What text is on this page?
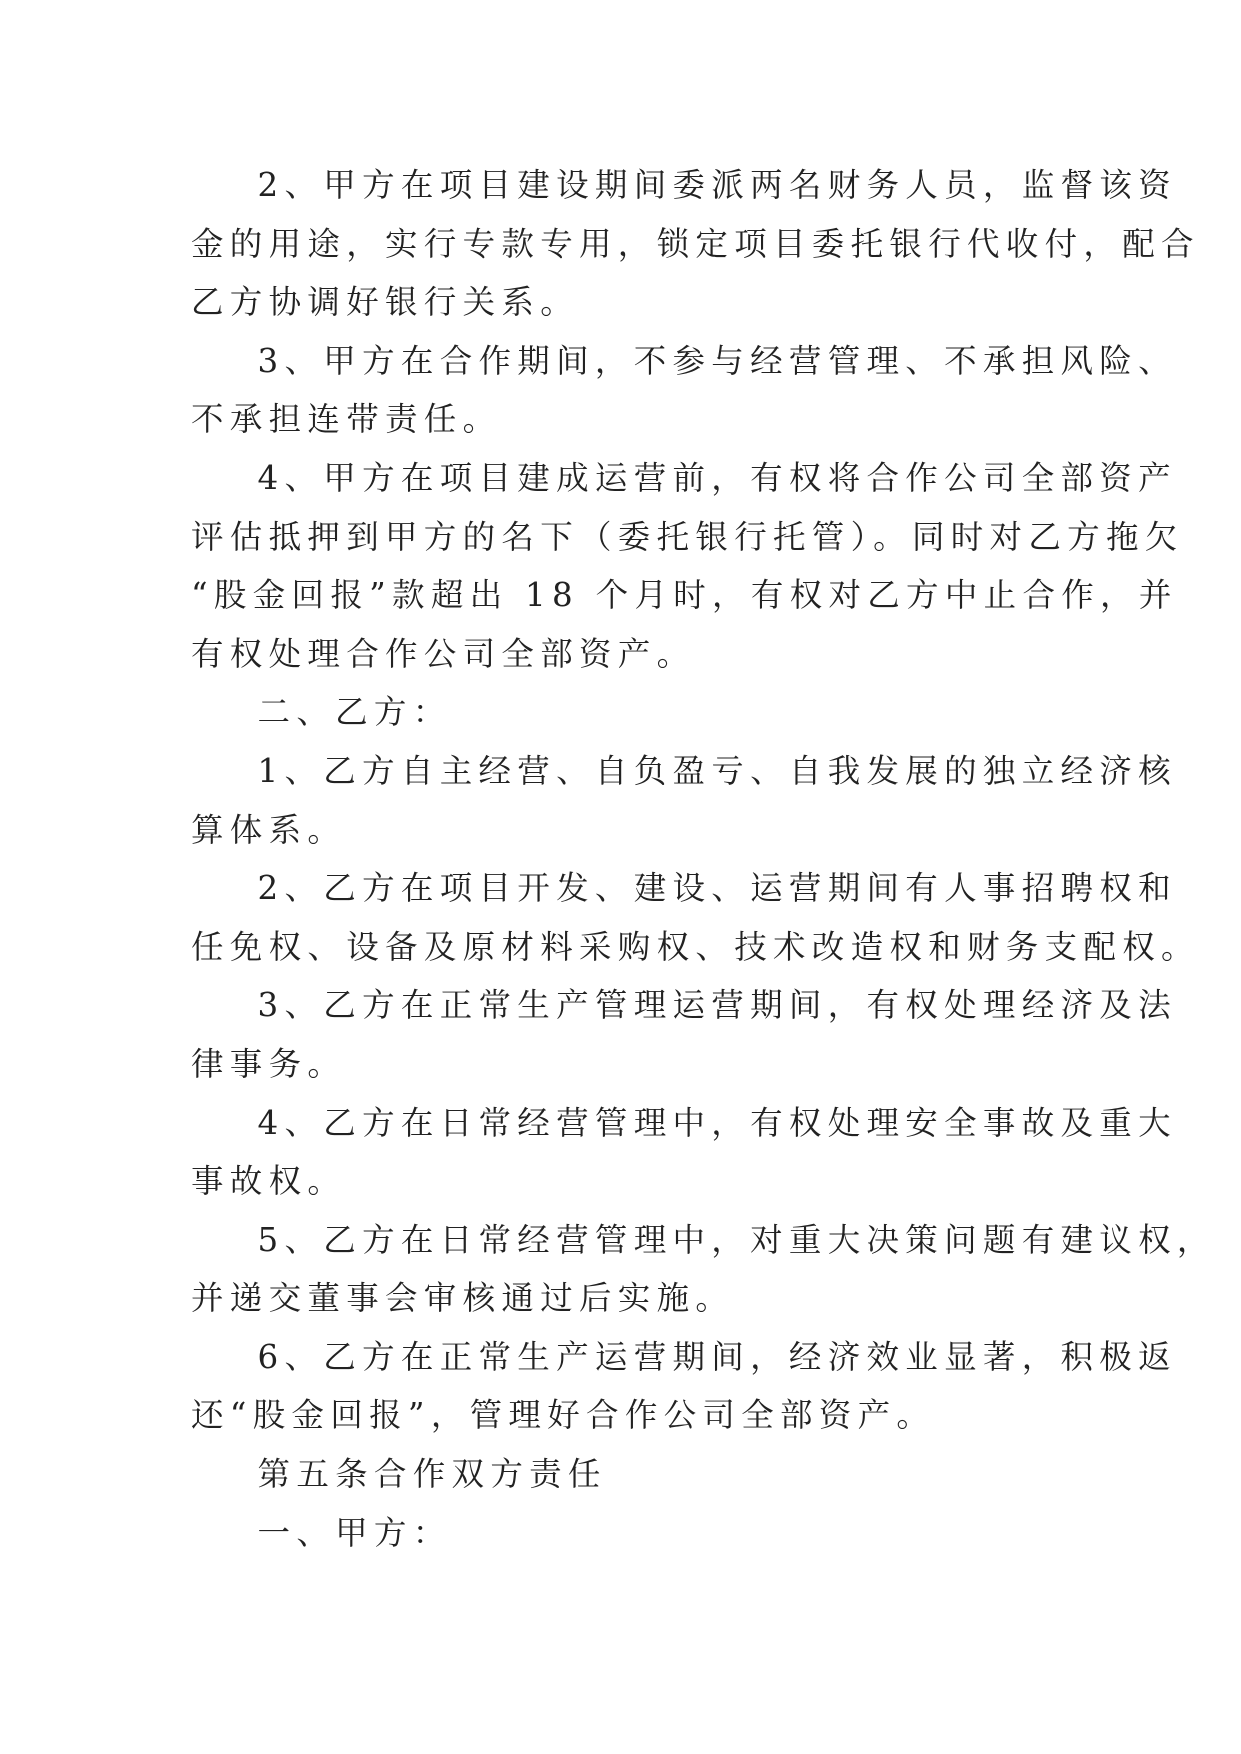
2、甲方在项目建设期间委派两名财务人员，监督该资
金的用途，实行专款专用，锁定项目委托银行代收付，配合
乙方协调好银行关系。
3、甲方在合作期间，不参与经营管理、不承担风险、
不承担连带责任。
4、甲方在项目建成运营前，有权将合作公司全部资产
评估抵押到甲方的名下（委托银行托管）。同时对乙方拖欠
“股金回报”款超出 18 个月时，有权对乙方中止合作，并
有权处理合作公司全部资产。
二、乙方：
1、乙方自主经营、自负盈亏、自我发展的独立经济核
算体系。
2、乙方在项目开发、建设、运营期间有人事招聘权和
任免权、设备及原材料采购权、技术改造权和财务支配权。
3、乙方在正常生产管理运营期间，有权处理经济及法
律事务。
4、乙方在日常经营管理中，有权处理安全事故及重大
事故权。
5、乙方在日常经营管理中，对重大决策问题有建议权，
并递交董事会审核通过后实施。
6、乙方在正常生产运营期间，经济效业显著，积极返
还“股金回报”，管理好合作公司全部资产。
第五条合作双方责任
一、甲方：
